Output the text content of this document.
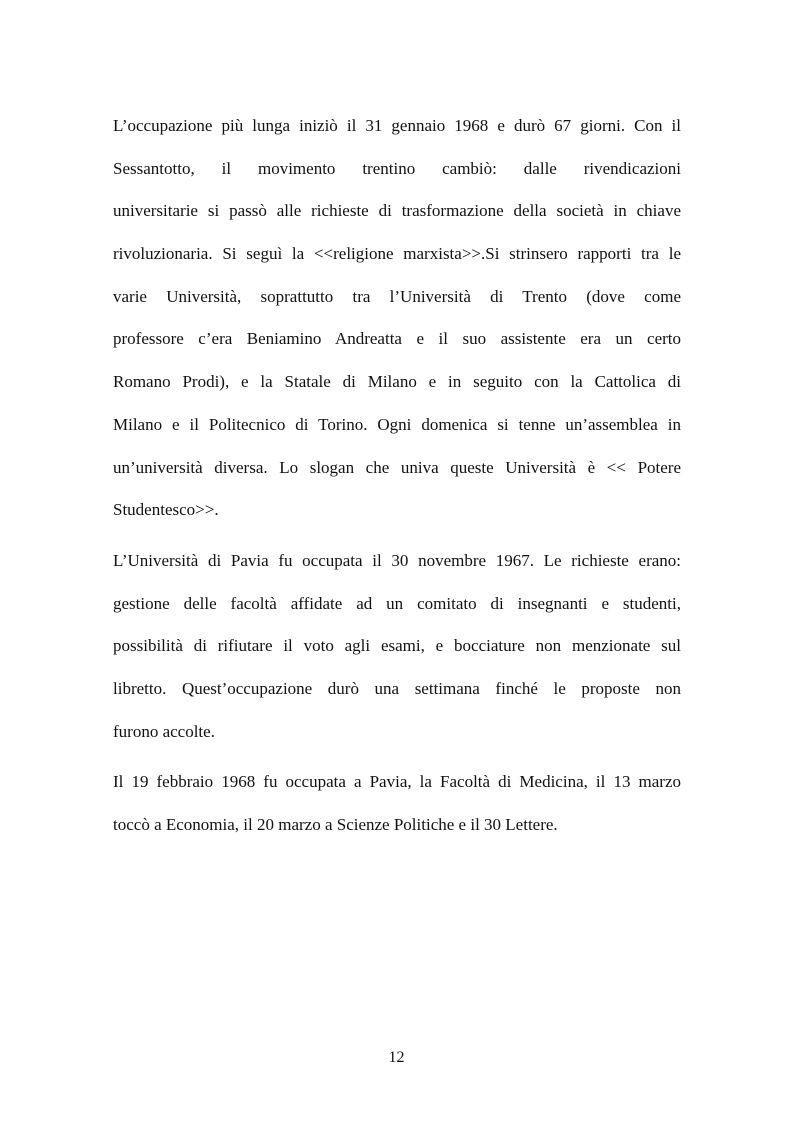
L’occupazione più lunga iniziò il 31 gennaio 1968 e durò 67 giorni. Con il
Sessantotto, il movimento trentino cambiò: dalle rivendicazioni
universitarie si passò alle richieste di trasformazione della società in chiave
rivoluzionaria. Si seguì la <<religione marxista>>.Si strinsero rapporti tra le
varie Università, soprattutto tra l’Università di Trento (dove come
professore c’era Beniamino Andreatta e il suo assistente era un certo
Romano Prodi), e la Statale di Milano e in seguito con la Cattolica di
Milano e il Politecnico di Torino. Ogni domenica si tenne un’assemblea in
un’università diversa. Lo slogan che univa queste Università è << Potere
Studentesco>>.
L’Università di Pavia fu occupata il 30 novembre 1967. Le richieste erano:
gestione delle facoltà affidate ad un comitato di insegnanti e studenti,
possibilità di rifiutare il voto agli esami, e bocciature non menzionate sul
libretto. Quest’occupazione durò una settimana finché le proposte non
furono accolte.
Il 19 febbraio 1968 fu occupata a Pavia, la Facoltà di Medicina, il 13 marzo
toccò a Economia, il 20 marzo a Scienze Politiche e il 30 Lettere.
12
